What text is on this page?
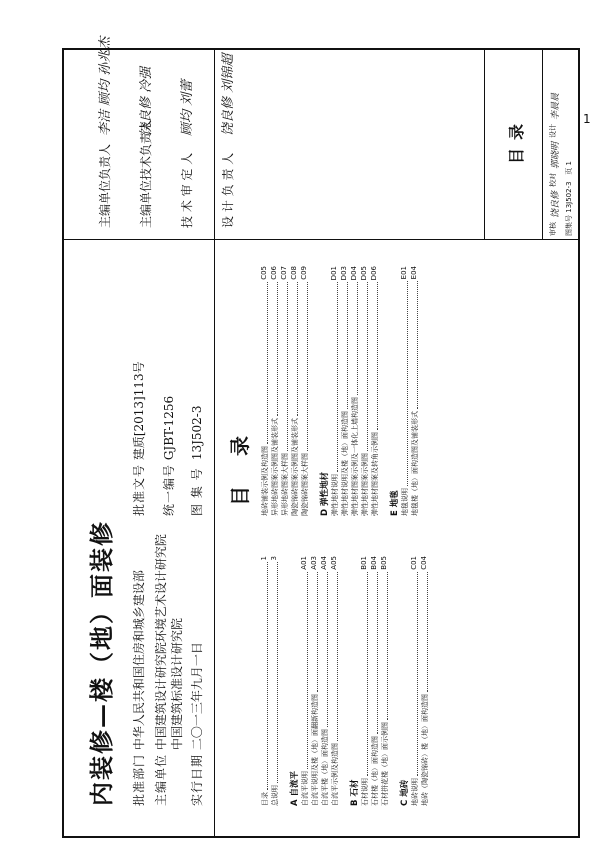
1
内装修—楼（地）面装修 批准部门 中华人民共和国住房和城乡建设部
批准文号 建质[2013]113号
主编单位 中国建筑设计研究院环境艺术设计研究院 中国建筑标准设计研究院
统一编号 GJBT-1256
实行日期 二〇一三年九月一日
图 集 号 13J502-3 目录
目录
1
总说明
3
A 自流平 自流平说明
A01
自流平说明及楼（地）面翻新构造图
A03
自流平楼（地）面构造图
A04
自流平示例及构造图
A05
B 石材 石材说明
B01
石材楼（地）面构造图
B04
石材拼花楼（地）面示例图
B05
C 地砖 地砖说明
C01
地砖（陶瓷锦砖）楼（地）面构造图
C04
地砖铺装示例及构造图
C05
异形地砖图案示例图及铺装形式
C06
异形地砖图案大样图
C07
陶瓷锦砖图案示例图及铺装形式
C08
陶瓷锦砖图案大样图
C09
D 弹性地材 弹性地材说明
D01
弹性地材说明及楼（地）面构造图
D03
弹性地材图案示例及一体化上墙构造图
D04
弹性地材图案示例图
D05
弹性地材图案及转角示例图
D06
E 地毯 地毯说明
E01
地毯楼（地）面构造图及铺装形式
E04
主编单位负责人李洁 顾均 孙兆杰
主编单位技术负责人饶良修 冷强
技 术 审 定 人顾均 刘蕾
设 计 负 责 人饶良修 刘锦超
目录
审核
饶良修
校对
郭晓明
设计
李晨晨
图集号 13J502-3   页 1
